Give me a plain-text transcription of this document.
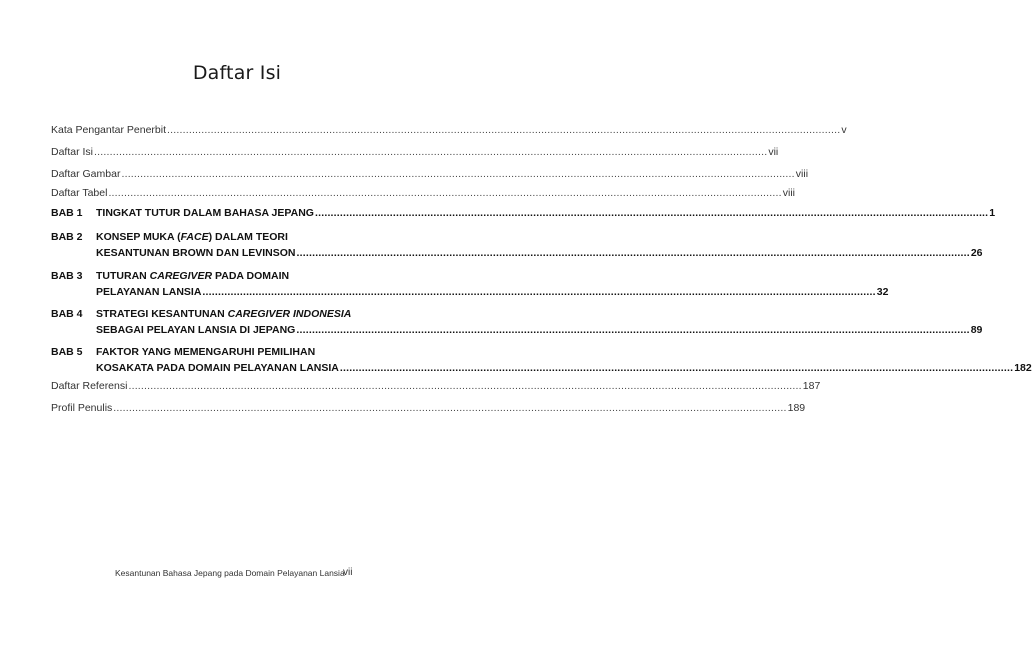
Daftar Isi
Kata Pengantar Penerbit .....	v
Daftar Isi .....	vii
Daftar Gambar .....	viii
Daftar Tabel .....	viii
BAB 1	TINGKAT TUTUR DALAM BAHASA JEPANG .....	1
BAB 2	KONSEP MUKA (FACE) DALAM TEORI
KESANTUNAN BROWN DAN LEVINSON .....	26
BAB 3	TUTURAN CAREGIVER PADA DOMAIN
PELAYANAN LANSIA .....	32
BAB 4	STRATEGI KESANTUNAN CAREGIVER INDONESIA
SEBAGAI PELAYAN LANSIA DI JEPANG .....	89
BAB 5	FAKTOR YANG MEMENGARUHI PEMILIHAN
KOSAKATA PADA DOMAIN PELAYANAN LANSIA .....	182
Daftar Referensi .....	187
Profil Penulis .....	189
Kesantunan Bahasa Jepang pada Domain Pelayanan Lansia
vii
